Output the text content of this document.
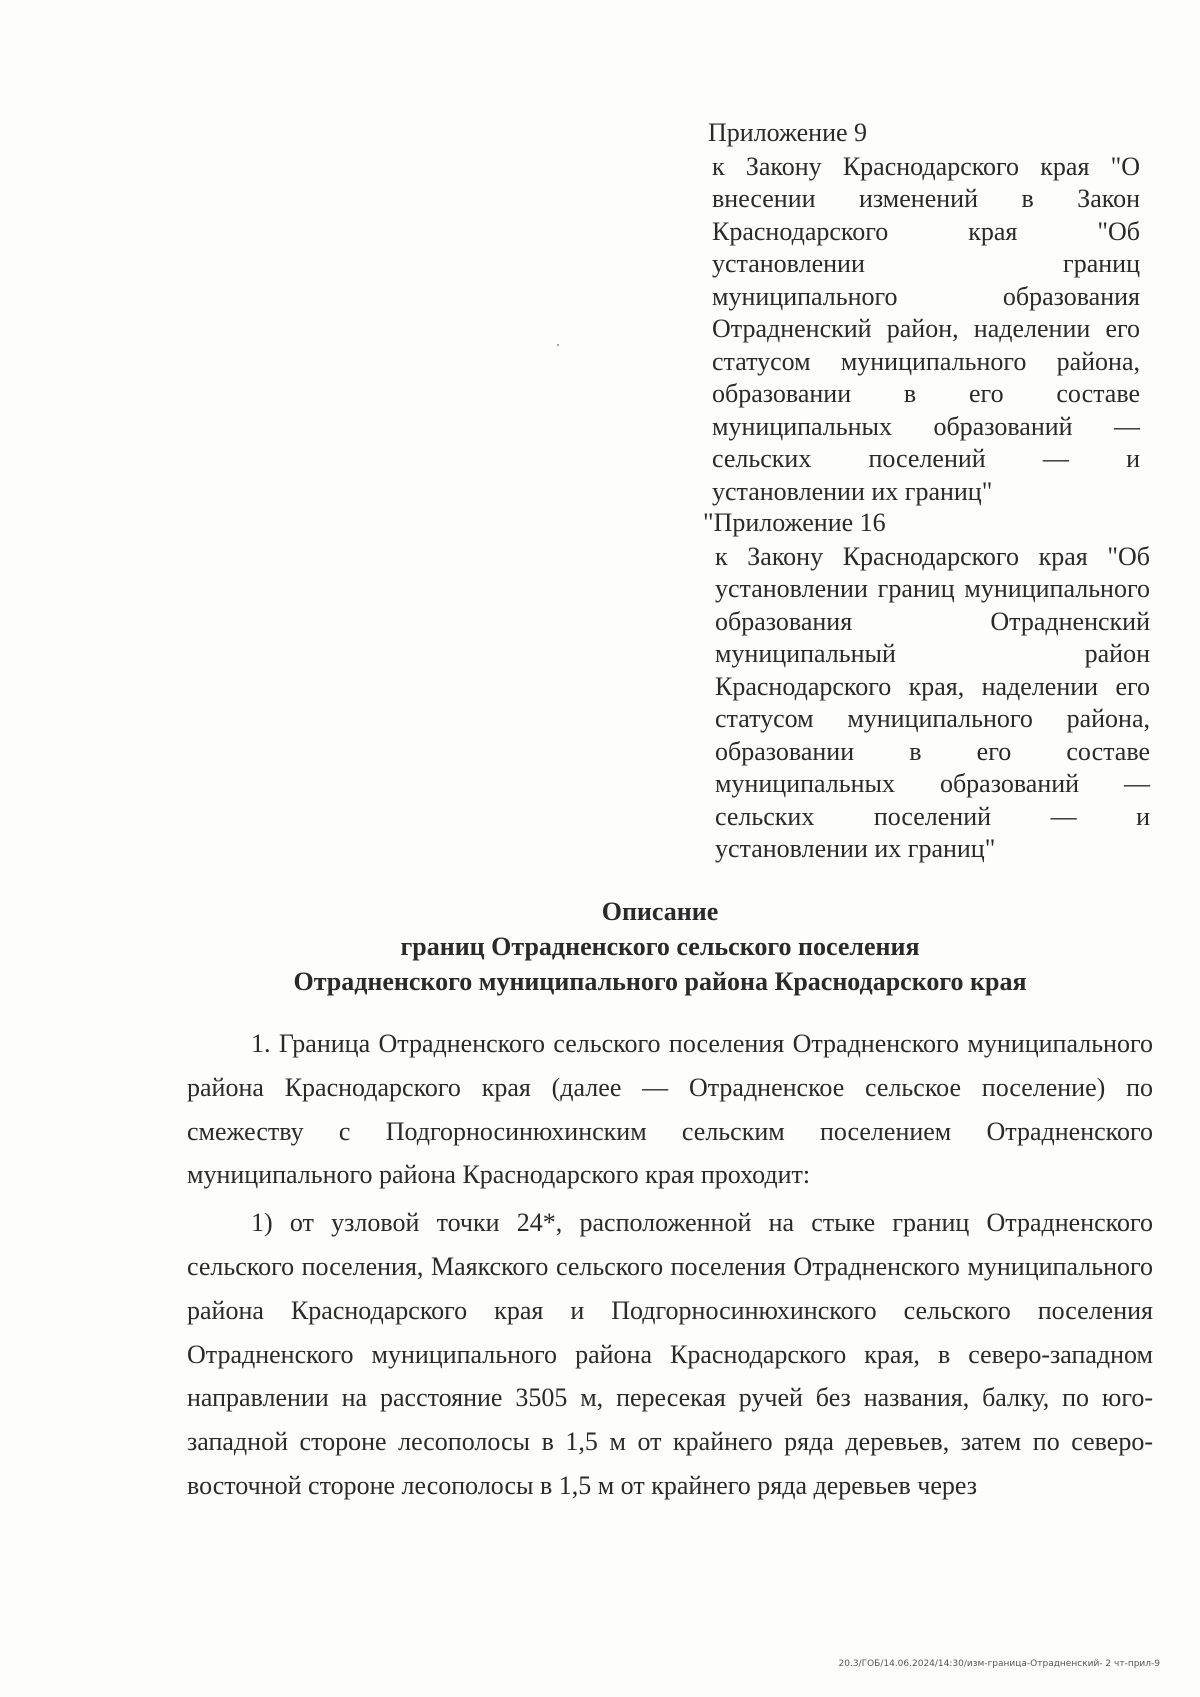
Приложение 9
к Закону Краснодарского края "О внесении изменений в Закон Краснодарского края "Об установлении границ муниципального образования Отрадненский район, наделении его статусом муниципального района, образовании в его составе муниципальных образований — сельских поселений — и установлении их границ"
"Приложение 16
к Закону Краснодарского края "Об установлении границ муниципального образования Отрадненский муниципальный район Краснодарского края, наделении его статусом муниципального района, образовании в его составе муниципальных образований — сельских поселений — и установлении их границ"
Описание
границ Отрадненского сельского поселения
Отрадненского муниципального района Краснодарского края

1. Граница Отрадненского сельского поселения Отрадненского муниципального района Краснодарского края (далее — Отрадненское сельское поселение) по смежеству с Подгорносинюхинским сельским поселением Отрадненского муниципального района Краснодарского края проходит:

1) от узловой точки 24*, расположенной на стыке границ Отрадненского сельского поселения, Маякского сельского поселения Отрадненского муниципального района Краснодарского края и Подгорносинюхинского сельского поселения Отрадненского муниципального района Краснодарского края, в северо-западном направлении на расстояние 3505 м, пересекая ручей без названия, балку, по юго-западной стороне лесополосы в 1,5 м от крайнего ряда деревьев, затем по северо-восточной стороне лесополосы в 1,5 м от крайнего ряда деревьев через

20.3/ГОБ/14.06.2024/14:30/изм-граница-Отрадненский- 2 чт-прил-9
